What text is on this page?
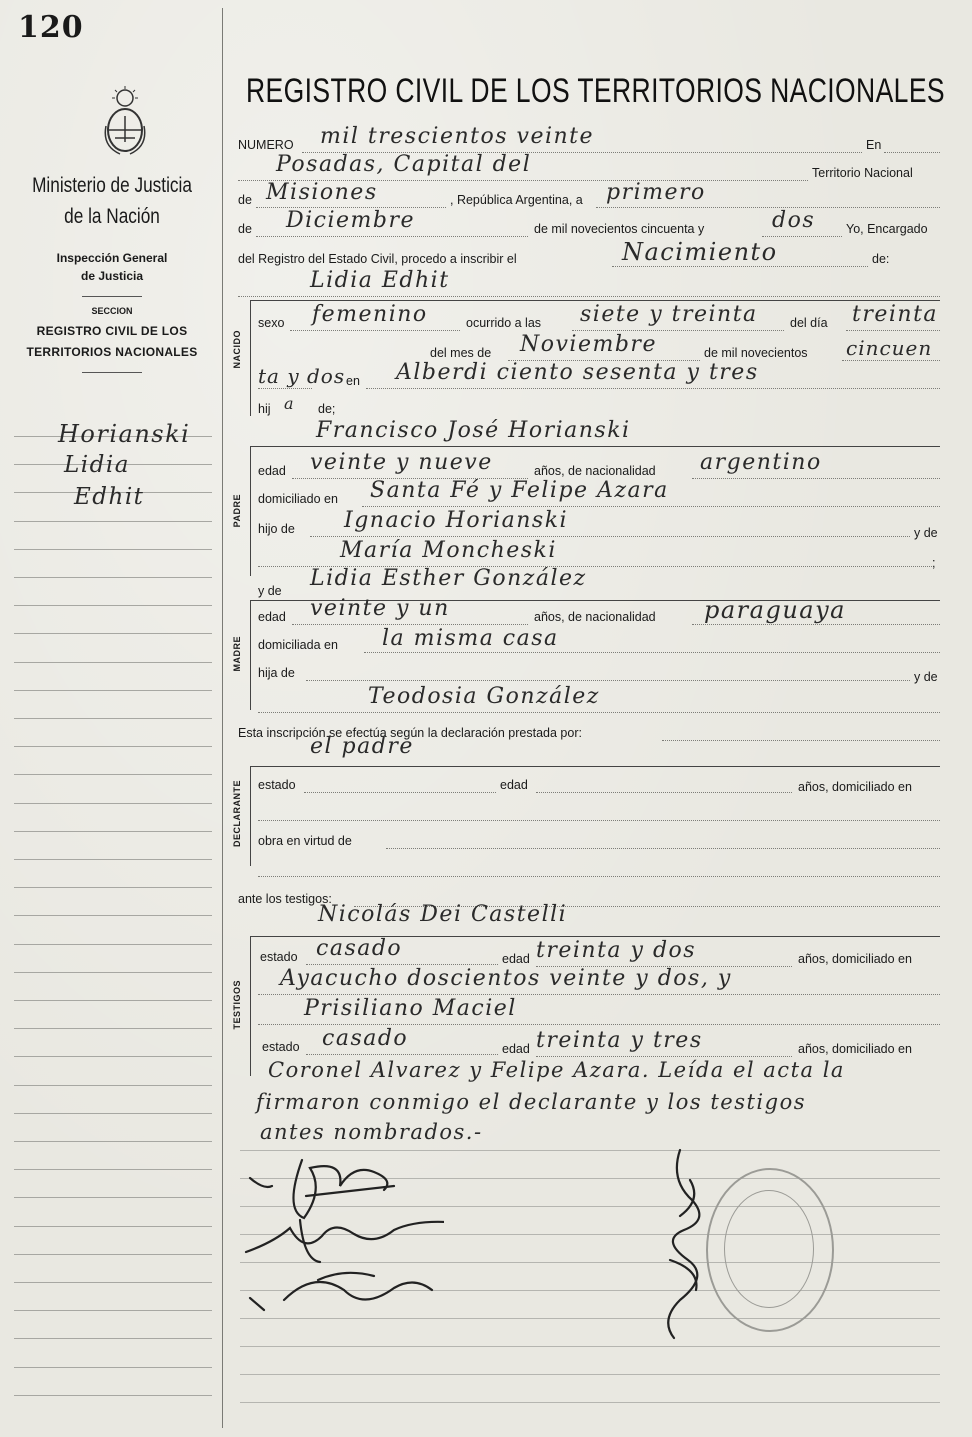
120
Ministerio de Justicia
de la Nación
Inspección General
de Justicia
SECCION
REGISTRO CIVIL DE LOS
TERRITORIOS NACIONALES
Horianski
Lidia
Edhit
REGISTRO CIVIL DE LOS TERRITORIOS NACIONALES
NUMERO mil trescientos veinte	En
Posadas, Capital del	Territorio Nacional
de Misiones	, República Argentina, a primero
de Diciembre	de mil novecientos cincuenta y	dos Yo, Encargado
del Registro del Estado Civil, procedo a inscribir el	Nacimiento	de:
Lidia Edhit
NACIDO
sexo femenino	ocurrido a las siete y treinta	del día treinta
del mes de Noviembre	de mil novecientos cincuen
ta y dos en Alberdi ciento sesenta y tres
hij a de;
Francisco José Horianski
PADRE
edad veinte y nueve	años, de nacionalidad argentino
domiciliado en Santa Fé y Felipe Azara
hijo de Ignacio Horianski	y de
María Moncheski	;
y de Lidia Esther González
MADRE
edad veinte y un	años, de nacionalidad paraguaya
domiciliada en la misma casa
hija de	y de
Teodosia González
Esta inscripción se efectúa según la declaración prestada por:
el padre
DECLARANTE estado	edad	años, domiciliado en
obra en virtud de
ante los testigos:
Nicolás Dei Castelli
TESTIGOS
estado casado	edad treinta y dos	años, domiciliado en
Ayacucho doscientos veinte y dos, y
Prisiliano Maciel
estado casado	edad treinta y tres	años, domiciliado en
Coronel Alvarez y Felipe Azara. Leída el acta la
firmaron conmigo el declarante y los testigos
antes nombrados.-
